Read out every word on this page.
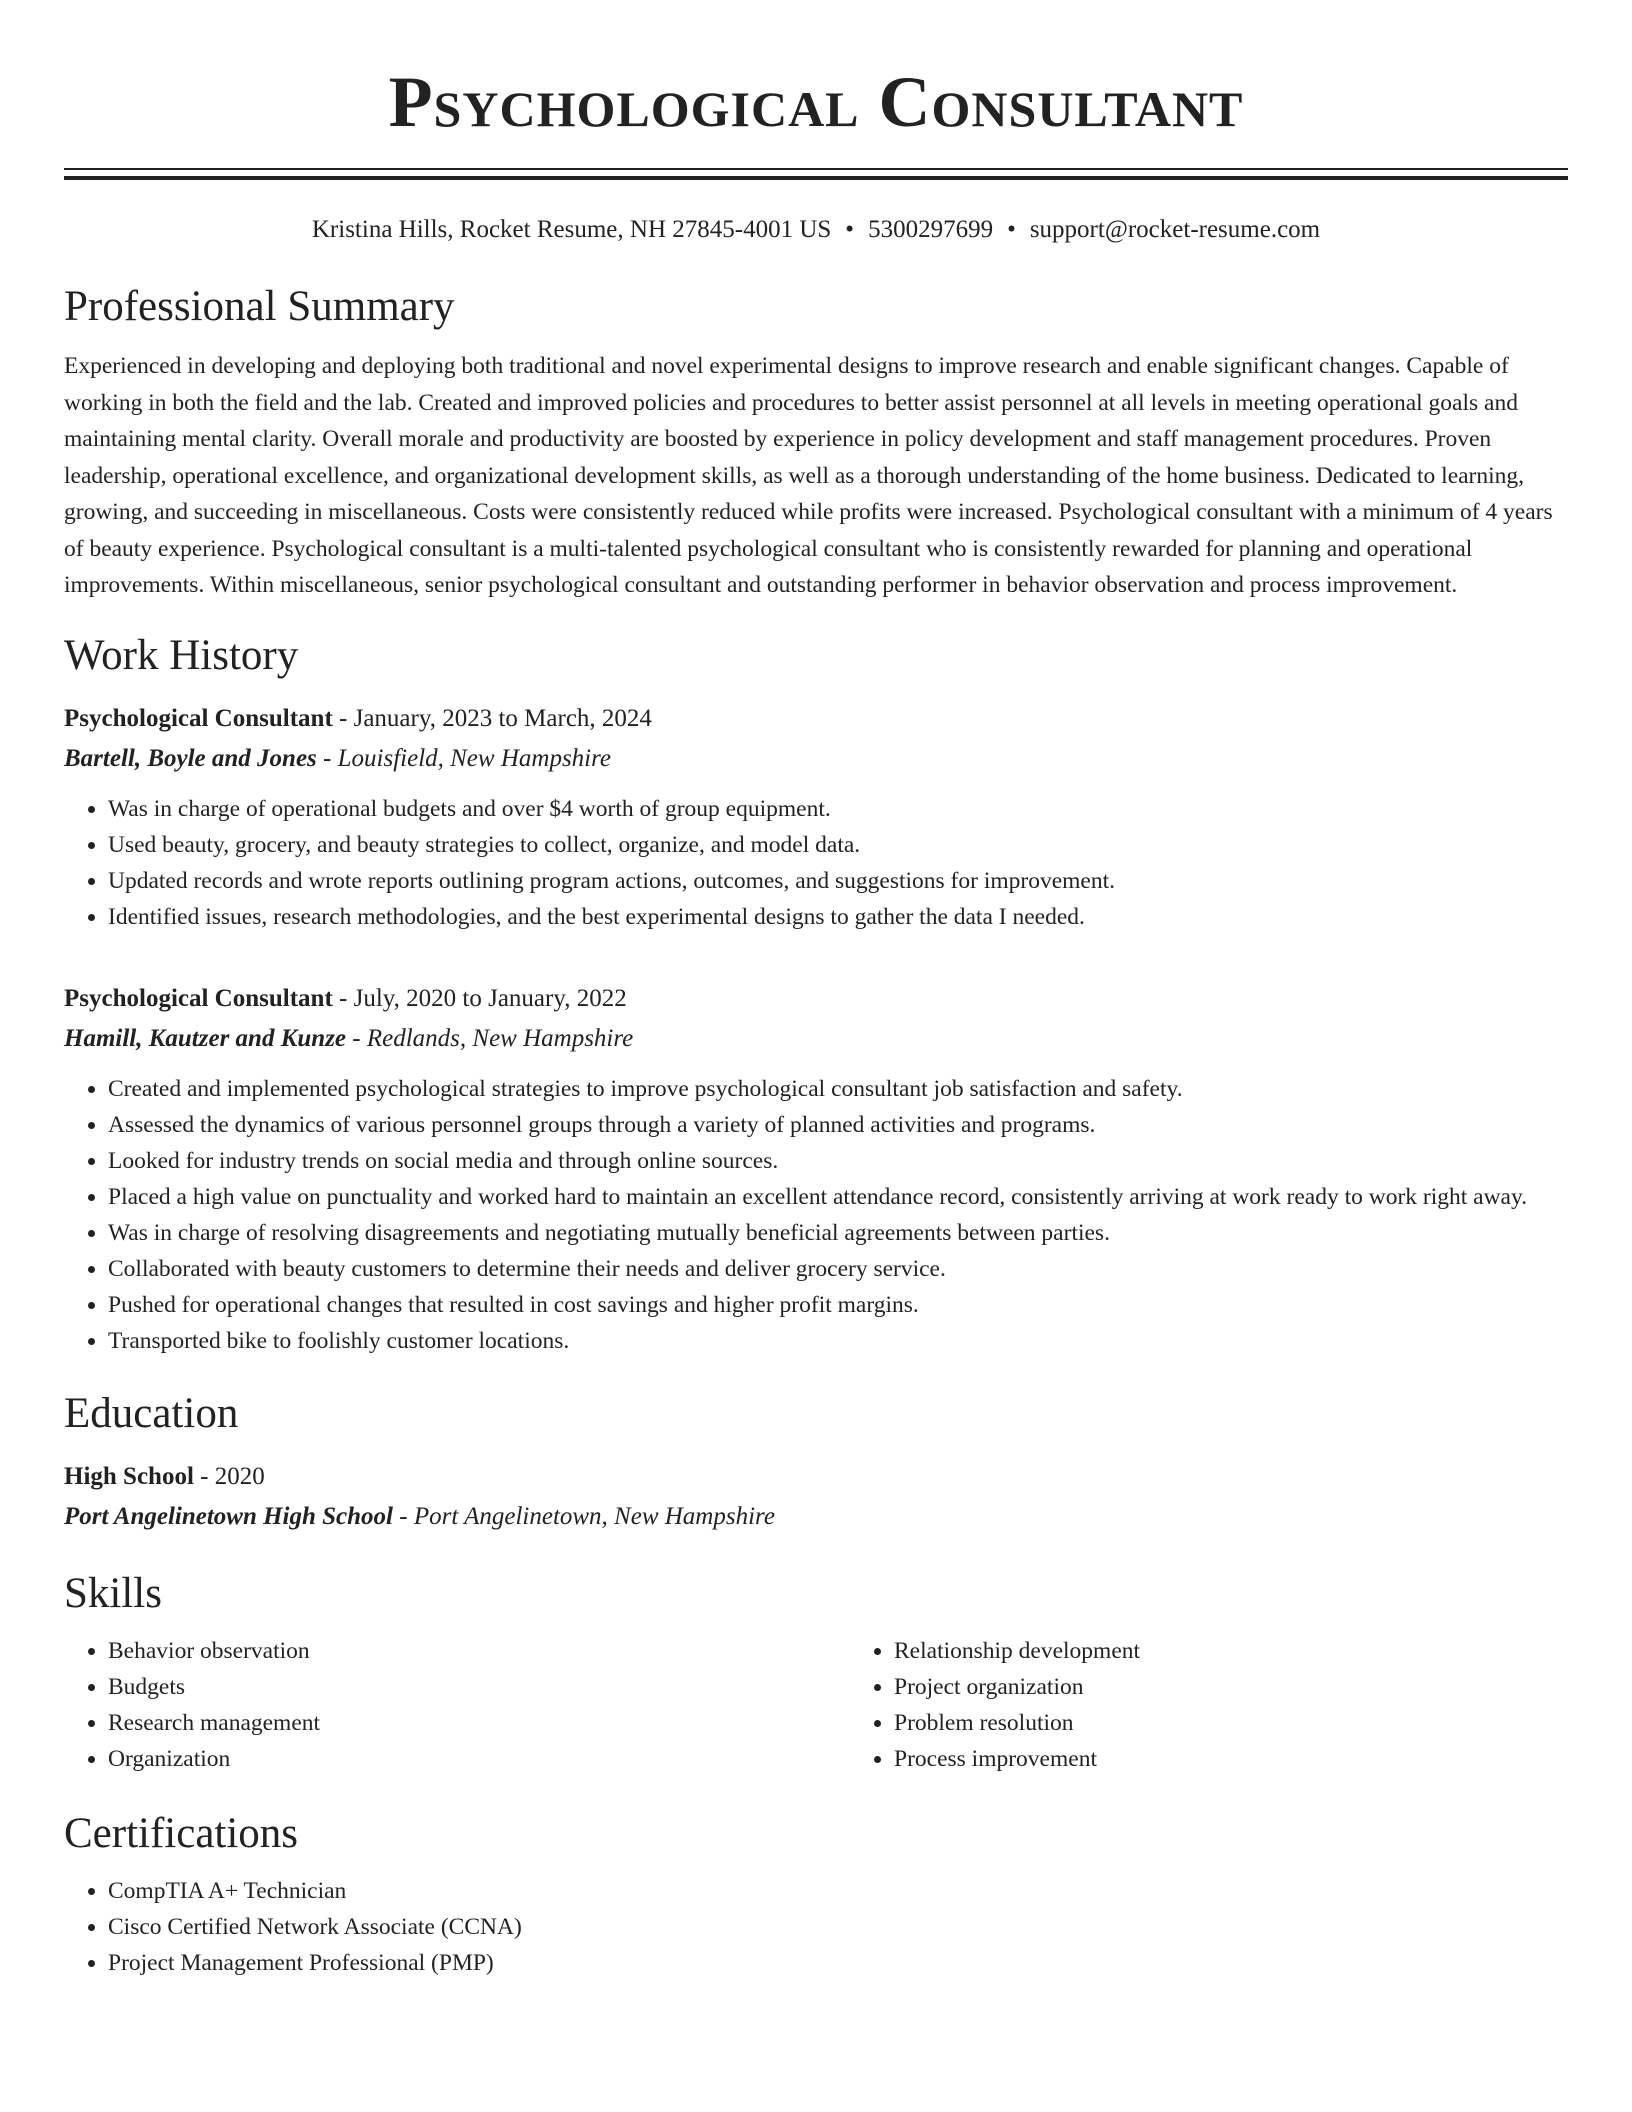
Psychological Consultant
Kristina Hills, Rocket Resume, NH 27845-4001 US • 5300297699 • support@rocket-resume.com
Professional Summary

Experienced in developing and deploying both traditional and novel experimental designs to improve research and enable significant changes. Capable of working in both the field and the lab. Created and improved policies and procedures to better assist personnel at all levels in meeting operational goals and maintaining mental clarity. Overall morale and productivity are boosted by experience in policy development and staff management procedures. Proven leadership, operational excellence, and organizational development skills, as well as a thorough understanding of the home business. Dedicated to learning, growing, and succeeding in miscellaneous. Costs were consistently reduced while profits were increased. Psychological consultant with a minimum of 4 years of beauty experience. Psychological consultant is a multi-talented psychological consultant who is consistently rewarded for planning and operational improvements. Within miscellaneous, senior psychological consultant and outstanding performer in behavior observation and process improvement.

Work History
Psychological Consultant - January, 2023 to March, 2024
Bartell, Boyle and Jones - Louisfield, New Hampshire
• Was in charge of operational budgets and over $4 worth of group equipment.
• Used beauty, grocery, and beauty strategies to collect, organize, and model data.
• Updated records and wrote reports outlining program actions, outcomes, and suggestions for improvement.
• Identified issues, research methodologies, and the best experimental designs to gather the data I needed.
Psychological Consultant - July, 2020 to January, 2022
Hamill, Kautzer and Kunze - Redlands, New Hampshire
• Created and implemented psychological strategies to improve psychological consultant job satisfaction and safety.
• Assessed the dynamics of various personnel groups through a variety of planned activities and programs.
• Looked for industry trends on social media and through online sources.
• Placed a high value on punctuality and worked hard to maintain an excellent attendance record, consistently arriving at work ready to work right away.
• Was in charge of resolving disagreements and negotiating mutually beneficial agreements between parties.
• Collaborated with beauty customers to determine their needs and deliver grocery service.
• Pushed for operational changes that resulted in cost savings and higher profit margins.
• Transported bike to foolishly customer locations.
Education
High School - 2020
Port Angelinetown High School - Port Angelinetown, New Hampshire
Skills
• Behavior observation
• Budgets
• Research management
• Organization
• Relationship development
• Project organization
• Problem resolution
• Process improvement
Certifications
• CompTIA A+ Technician
• Cisco Certified Network Associate (CCNA)
• Project Management Professional (PMP)
